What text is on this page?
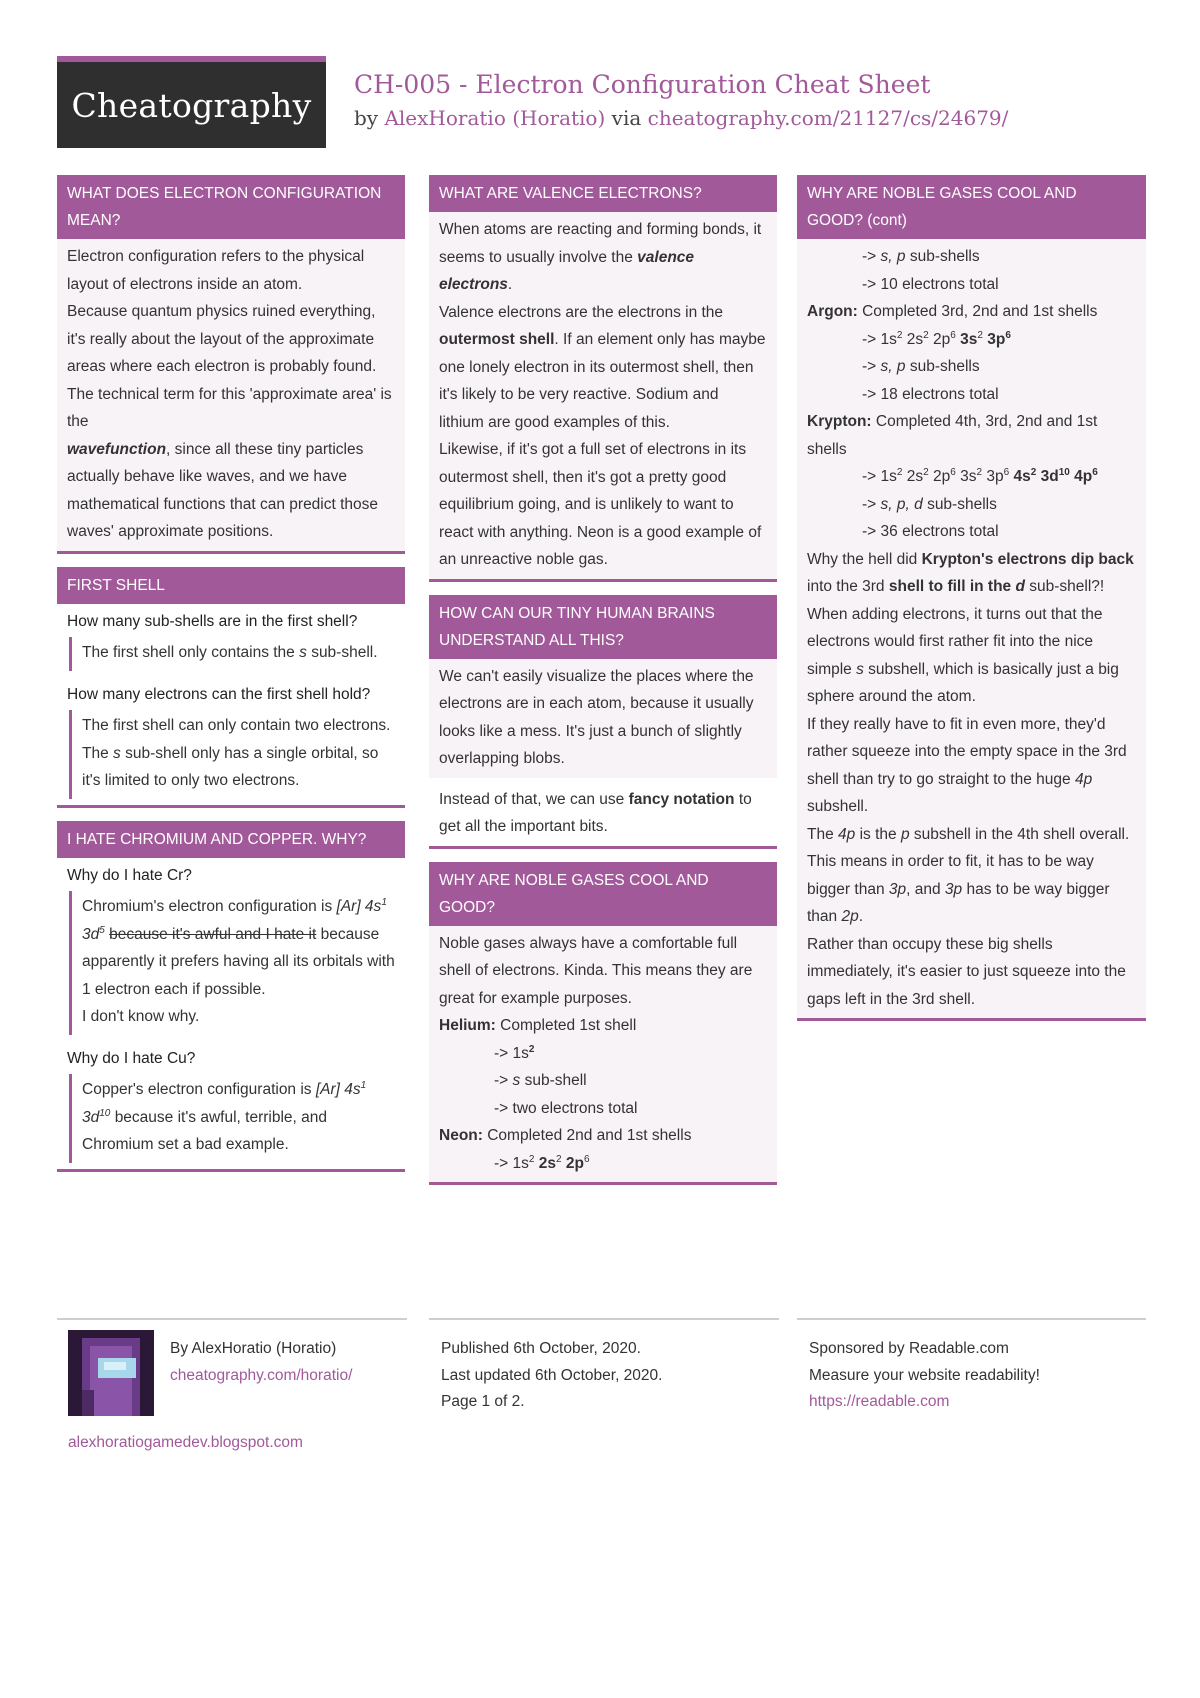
Cheatography
CH-005 - Electron Configuration Cheat Sheet
by AlexHoratio (Horatio) via cheatography.com/21127/cs/24679/
WHAT DOES ELECTRON CONFIGURATION MEAN?

Electron configuration refers to the physical layout of electrons inside an atom.

Because quantum physics ruined everything, it's really about the layout of the approximate areas where each electron is probably found.

The technical term for this 'approximate area' is the
wavefunction, since all these tiny particles actually behave like waves, and we have mathematical functions that can predict those waves' approximate positions.

FIRST SHELL
How many sub-shells are in the first shell?
The first shell only contains the s sub-shell.
How many electrons can the first shell hold?
The first shell can only contain two electrons.
The s sub-shell only has a single orbital, so it's limited to only two electrons.
I HATE CHROMIUM AND COPPER. WHY?
Why do I hate Cr?
Chromium's electron configuration is [Ar] $4s^1$ $3d^5$ because it's awful and I hate it because apparently it prefers having all its orbitals with 1 electron each if possible.
I don't know why.
Why do I hate Cu?
Copper's electron configuration is [Ar] $4s^1$ $3d^{10}$ because it's awful, terrible, and Chromium set a bad example.
WHAT ARE VALENCE ELECTRONS?

When atoms are reacting and forming bonds, it seems to usually involve the valence electrons.

Valence electrons are the electrons in the outermost shell. If an element only has maybe one lonely electron in its outermost shell, then it's likely to be very reactive. Sodium and lithium are good examples of this.

Likewise, if it's got a full set of electrons in its outermost shell, then it's got a pretty good equilibrium going, and is unlikely to want to react with anything. Neon is a good example of an unreactive noble gas.

HOW CAN OUR TINY HUMAN BRAINS UNDERSTAND ALL THIS?

We can't easily visualize the places where the electrons are in each atom, because it usually looks like a mess. It's just a bunch of slightly overlapping blobs.

Instead of that, we can use fancy notation to get all the important bits.
WHY ARE NOBLE GASES COOL AND GOOD?

Noble gases always have a comfortable full shell of electrons. Kinda. This means they are great for example purposes.

Helium: Completed 1st shell

-> $1s^2$

-> s sub-shell

-> two electrons total

Neon: Completed 2nd and 1st shells

-> $1s^2$ $2s^2$ $2p^6$

WHY ARE NOBLE GASES COOL AND GOOD? (cont)

-> s, p sub-shells

-> 10 electrons total

Argon: Completed 3rd, 2nd and 1st shells

-> $1s^2$ $2s^2$ $2p^6$ $3s^2$ $3p^6$

-> s, p sub-shells

-> 18 electrons total

Krypton: Completed 4th, 3rd, 2nd and 1st shells

-> $1s^2$ $2s^2$ $2p^6$ $3s^2$ $3p^6$ $4s^2$ $3d^{10}$ $4p^6$

-> s, p, d sub-shells

-> 36 electrons total

Why the hell did Krypton's electrons dip back into the 3rd shell to fill in the d sub-shell?!

When adding electrons, it turns out that the electrons would first rather fit into the nice simple s subshell, which is basically just a big sphere around the atom.

If they really have to fit in even more, they'd rather squeeze into the empty space in the 3rd shell than try to go straight to the huge 4p subshell.

The 4p is the p subshell in the 4th shell overall. This means in order to fit, it has to be way bigger than 3p, and 3p has to be way bigger than 2p.

Rather than occupy these big shells immediately, it's easier to just squeeze into the gaps left in the 3rd shell.

By AlexHoratio (Horatio)
cheatography.com/horatio/
alexhoratiogamedev.blogspot.com
Published 6th October, 2020.
Last updated 6th October, 2020.
Page 1 of 2.
Sponsored by Readable.com
Measure your website readability!
https://readable.com
